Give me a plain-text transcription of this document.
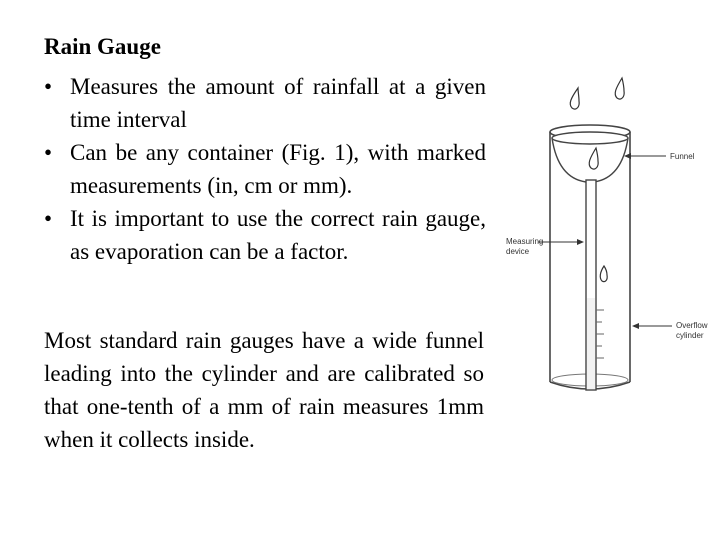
Rain Gauge
• Measures the amount of rainfall at a given time interval
• Can be any container (Fig. 1), with marked measurements (in, cm or mm).
• It is important to use the correct rain gauge, as evaporation can be a factor.

Most standard rain gauges have a wide funnel leading into the cylinder and are calibrated so that one-tenth of a mm of rain measures 1mm when it collects inside.

Funnel
Measuring
device
Overflow
cylinder
